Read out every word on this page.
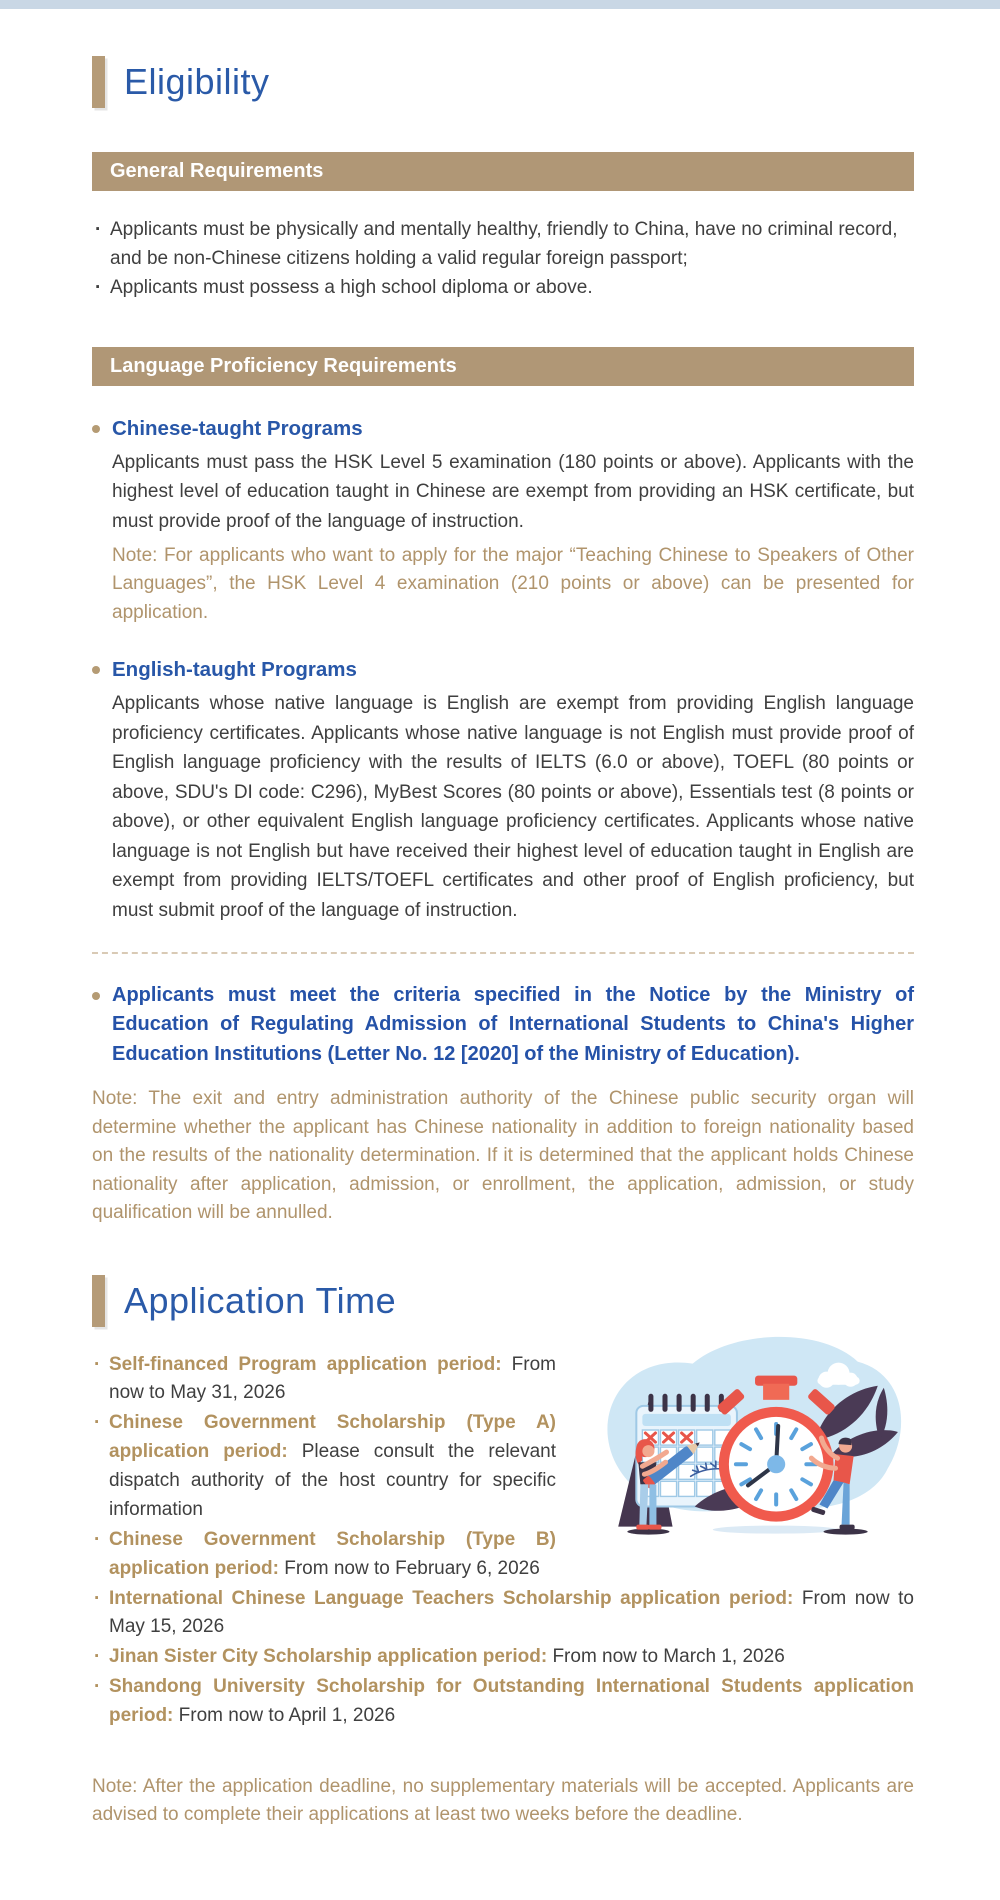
Eligibility
General Requirements
· Applicants must be physically and mentally healthy, friendly to China, have no criminal record, and be non-Chinese citizens holding a valid regular foreign passport;
· Applicants must possess a high school diploma or above.
Language Proficiency Requirements
Chinese-taught Programs

Applicants must pass the HSK Level 5 examination (180 points or above). Applicants with the highest level of education taught in Chinese are exempt from providing an HSK certificate, but must provide proof of the language of instruction.

Note: For applicants who want to apply for the major “Teaching Chinese to Speakers of Other Languages”, the HSK Level 4 examination (210 points or above) can be presented for application.

English-taught Programs

Applicants whose native language is English are exempt from providing English language proficiency certificates. Applicants whose native language is not English must provide proof of English language proficiency with the results of IELTS (6.0 or above), TOEFL (80 points or above, SDU's DI code: C296), MyBest Scores (80 points or above), Essentials test (8 points or above), or other equivalent English language proficiency certificates. Applicants whose native language is not English but have received their highest level of education taught in English are exempt from providing IELTS/TOEFL certificates and other proof of English proficiency, but must submit proof of the language of instruction.

Applicants must meet the criteria specified in the Notice by the Ministry of Education of Regulating Admission of International Students to China's Higher Education Institutions (Letter No. 12 [2020] of the Ministry of Education).

Note: The exit and entry administration authority of the Chinese public security organ will determine whether the applicant has Chinese nationality in addition to foreign nationality based on the results of the nationality determination. If it is determined that the applicant holds Chinese nationality after application, admission, or enrollment, the application, admission, or study qualification will be annulled.

Application Time
· Self-financed Program application period: From now to May 31, 2026
· Chinese Government Scholarship (Type A) application period: Please consult the relevant dispatch authority of the host country for specific information
· Chinese Government Scholarship (Type B) application period: From now to February 6, 2026
· International Chinese Language Teachers Scholarship application period: From now to May 15, 2026
· Jinan Sister City Scholarship application period: From now to March 1, 2026
· Shandong University Scholarship for Outstanding International Students application period: From now to April 1, 2026

Note: After the application deadline, no supplementary materials will be accepted. Applicants are advised to complete their applications at least two weeks before the deadline.
